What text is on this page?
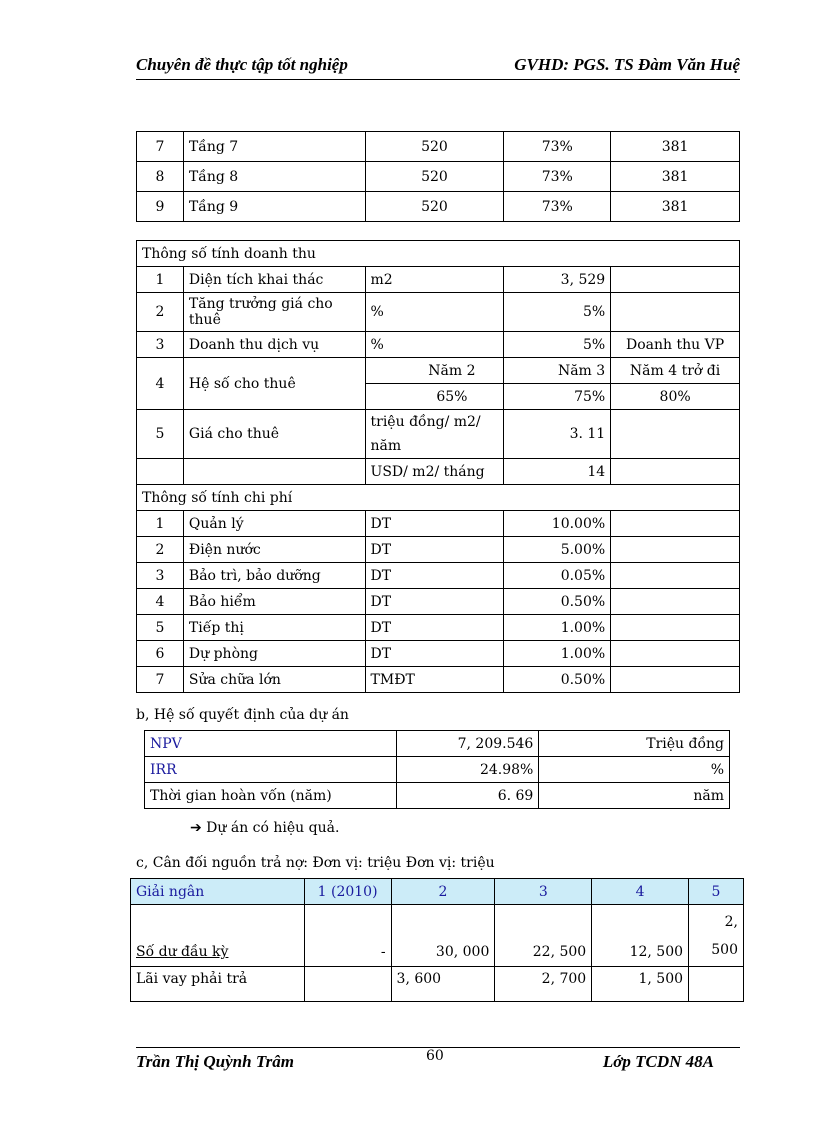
Chuyên đề thực tập tốt nghiệp	GVHD: PGS. TS Đàm Văn Huệ
7	Tầng 7	520	73%	381
8	Tầng 8	520	73%	381
9	Tầng 9	520	73%	381
Thông số tính doanh thu				
1	Diện tích khai thác	m2	3, 529	
2	Tăng trưởng giá cho thuê	%	5%	
3	Doanh thu dịch vụ	%	5%	Doanh thu VP
4	Hệ số cho thuê	Năm 2	Năm 3	Năm 4 trở đi
		65%	75%	80%
5	Giá cho thuê	triệu đồng/ m2/ năm	3. 11	
		USD/ m2/ tháng	14	
Thông số tính chi phí				
1	Quản lý	DT	10.00%	
2	Điện nước	DT	5.00%	
3	Bảo trì, bảo dưỡng	DT	0.05%	
4	Bảo hiểm	DT	0.50%	
5	Tiếp thị	DT	1.00%	
6	Dự phòng	DT	1.00%	
7	Sửa chữa lớn	TMĐT	0.50%	
b, Hệ số quyết định của dự án
NPV	7, 209.546	Triệu đồng
IRR	24.98%	%
Thời gian hoàn vốn (năm)	6. 69	năm
➔ Dự án có hiệu quả.
c, Cân đối nguồn trả nợ: Đơn vị: triệu Đơn vị: triệu
Giải ngân	1 (2010)	2	3	4	5
Số dư đầu kỳ	-	30, 000	22, 500	12, 500	2,
500
Lãi vay phải trả		3, 600	2, 700	1, 500	
Trần Thị Quỳnh Trâm	60	Lớp TCDN 48A
